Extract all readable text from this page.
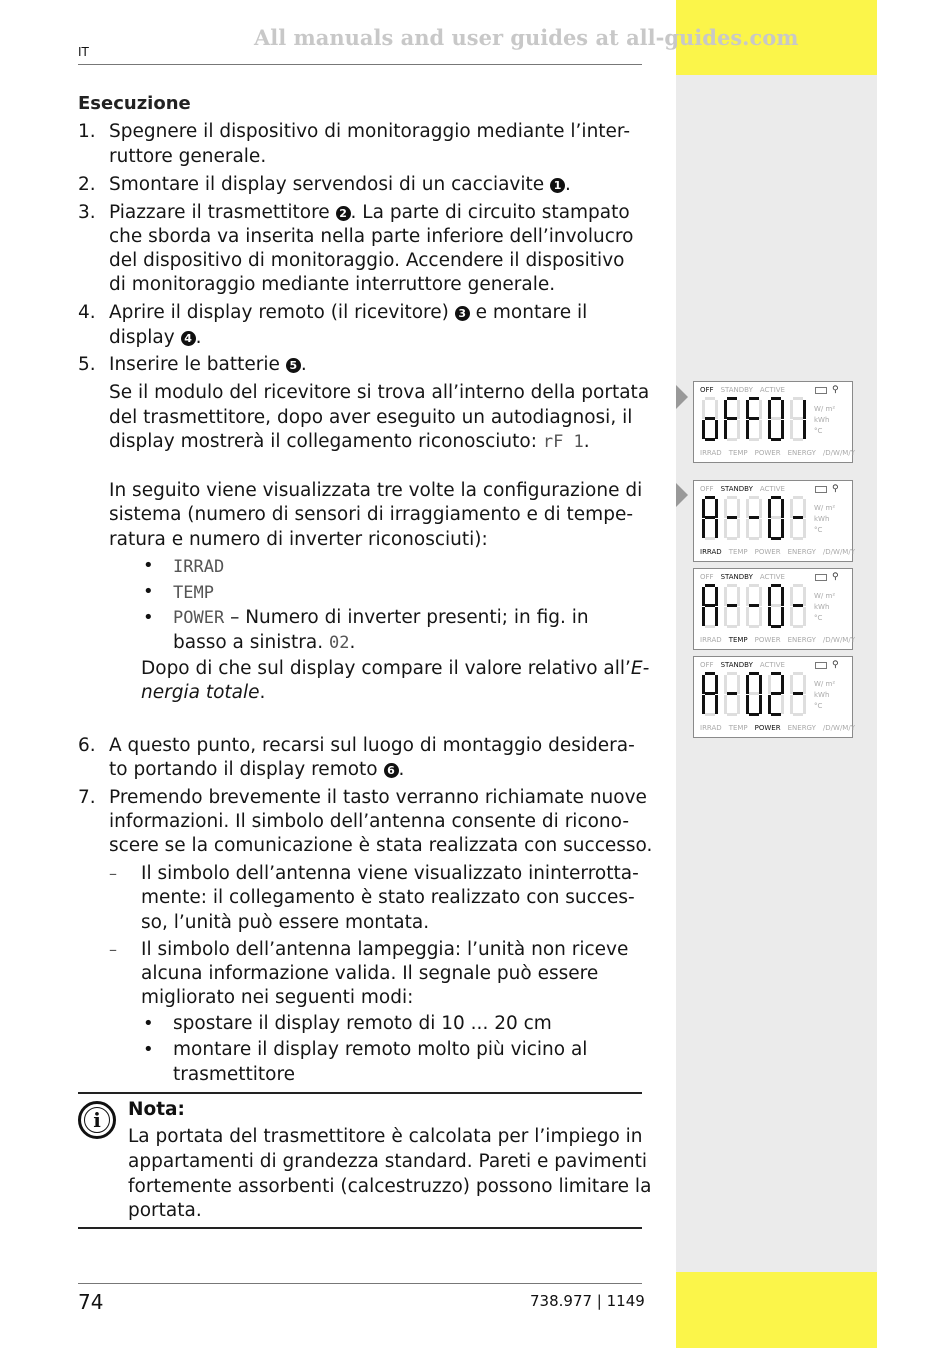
All manuals and user guides at all-guides.com
IT
Esecuzione
1. Spegnere il dispositivo di monitoraggio mediante l’inter-
ruttore generale.
2. Smontare il display servendosi di un cacciavite 1 .
3. Piazzare il trasmettitore 2 . La parte di circuito stampato
che sborda va inserita nella parte inferiore dell’involucro
del dispositivo di monitoraggio. Accendere il dispositivo
di monitoraggio mediante interruttore generale.
4. Aprire il display remoto (il ricevitore) 3 e montare il
display 4 .
5. Inserire le batterie 5 .
Se il modulo del ricevitore si trova all’interno della portata
del trasmettitore, dopo aver eseguito un autodiagnosi, il
display mostrerà il collegamento riconosciuto: rF 1.
In seguito viene visualizzata tre volte la configurazione di
sistema (numero di sensori di irraggiamento e di tempe-
ratura e numero di inverter riconosciuti):
• IRRAD
• TEMP
• POWER – Numero di inverter presenti; in fig. in
basso a sinistra. 02.
Dopo di che sul display compare il valore relativo all’E-
nergia totale.
6. A questo punto, recarsi sul luogo di montaggio desidera-
to portando il display remoto 6 .
7. Premendo brevemente il tasto verranno richiamate nuove
informazioni. Il simbolo dell’antenna consente di ricono-
scere se la comunicazione è stata realizzata con successo.
– Il simbolo dell’antenna viene visualizzato ininterrotta-
mente: il collegamento è stato realizzato con succes-
so, l’unità può essere montata.
– Il simbolo dell’antenna lampeggia: l’unità non riceve
alcuna informazione valida. Il segnale può essere
migliorato nei seguenti modi:
• spostare il display remoto di 10 ... 20 cm
• montare il display remoto molto più vicino al
trasmettitore
i	Nota:
La portata del trasmettitore è calcolata per l’impiego in
appartamenti di grandezza standard. Pareti e pavimenti
fortemente assorbenti (calcestruzzo) possono limitare la
portata.
74	738.977 | 1149
OFF STANDBY ACTIVE	⚲
W/ m²
kWh
°C
IRRAD TEMP POWER ENERGY /D/W/M/Y
OFF STANDBY ACTIVE	⚲
W/ m²
kWh
°C
IRRAD TEMP POWER ENERGY /D/W/M/Y
OFF STANDBY ACTIVE	⚲
W/ m²
kWh
°C
IRRAD TEMP POWER ENERGY /D/W/M/Y
OFF STANDBY ACTIVE	⚲
W/ m²
kWh
°C
IRRAD TEMP POWER ENERGY /D/W/M/Y
